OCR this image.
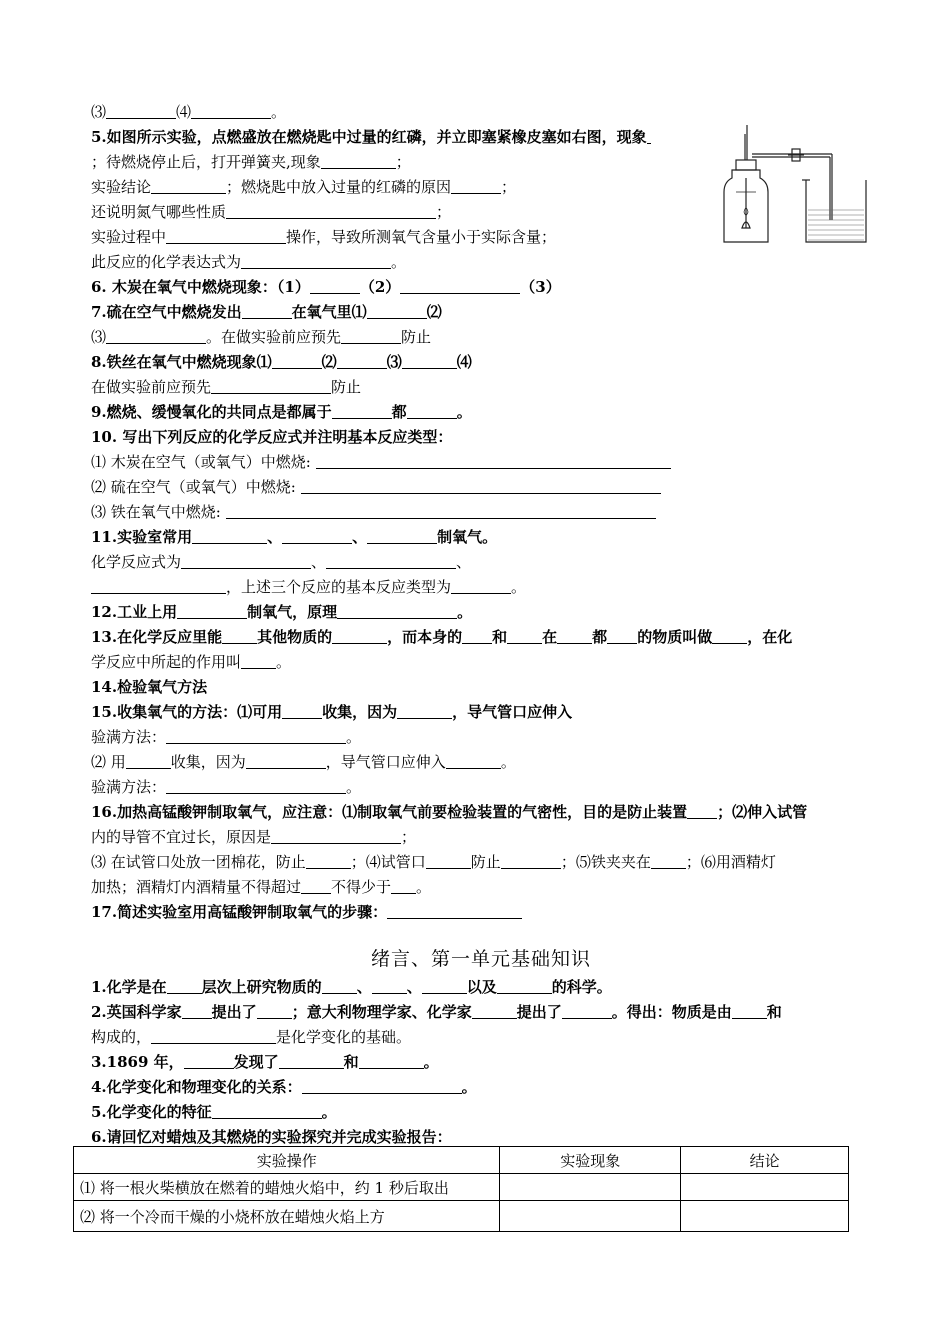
⑶	⑷	。
5.如图所示实验，点燃盛放在燃烧匙中过量的红磷，并立即塞紧橡皮塞如右图，现象
；待燃烧停止后，打开弹簧夹,现象	；
实验结论	；燃烧匙中放入过量的红磷的原因	；
还说明氮气哪些性质	；
实验过程中	操作，导致所测氧气含量小于实际含量；
此反应的化学表达式为	。
6. 木炭在氧气中燃烧现象：（1）	（2）	（3）
7.硫在空气中燃烧发出	在氧气里⑴	⑵
⑶	。在做实验前应预先	防止
8.铁丝在氧气中燃烧现象⑴	⑵	⑶	⑷
在做实验前应预先	防止
9.燃烧、缓慢氧化的共同点是都属于	都	。
10. 写出下列反应的化学反应式并注明基本反应类型：
⑴ 木炭在空气（或氧气）中燃烧:
⑵ 硫在空气（或氧气）中燃烧:
⑶ 铁在氧气中燃烧:
11.实验室常用	、	、	制氧气。
化学反应式为	、	、
，上述三个反应的基本反应类型为	。
12.工业上用	制氧气，原理	。
13.在化学反应里能 其他物质的	，而本身的 和 在 都 的物质叫做 ，在化
学反应中所起的作用叫 。
14.检验氧气方法
15.收集氧气的方法：⑴可用	收集，因为	，导气管口应伸入
验满方法：	。
⑵ 用	收集，因为	，导气管口应伸入	。
验满方法：	。
16.加热高锰酸钾制取氧气，应注意：⑴制取氧气前要检验装置的气密性，目的是防止装置 ；⑵伸入试管
内的导管不宜过长，原因是	；
⑶ 在试管口处放一团棉花，防止	；⑷试管口	防止	；⑸铁夹夹在 ；⑹用酒精灯
加热；酒精灯内酒精量不得超过 不得少于 。
17.简述实验室用高锰酸钾制取氧气的步骤：
绪言、第一单元基础知识
1.化学是在 层次上研究物质的 、 、	以及	的科学。
2.英国科学家 提出了 ；意大利物理学家、化学家	提出了	。得出：物质是由 和
构成的，	是化学变化的基础。
3.1869 年，	发现了	和	。
4.化学变化和物理变化的关系：	。
5.化学变化的特征	。
6.请回忆对蜡烛及其燃烧的实验探究并完成实验报告：
实验操作	实验现象	结论
⑴ 将一根火柴横放在燃着的蜡烛火焰中，约 1 秒后取出		
⑵ 将一个冷而干燥的小烧杯放在蜡烛火焰上方		
